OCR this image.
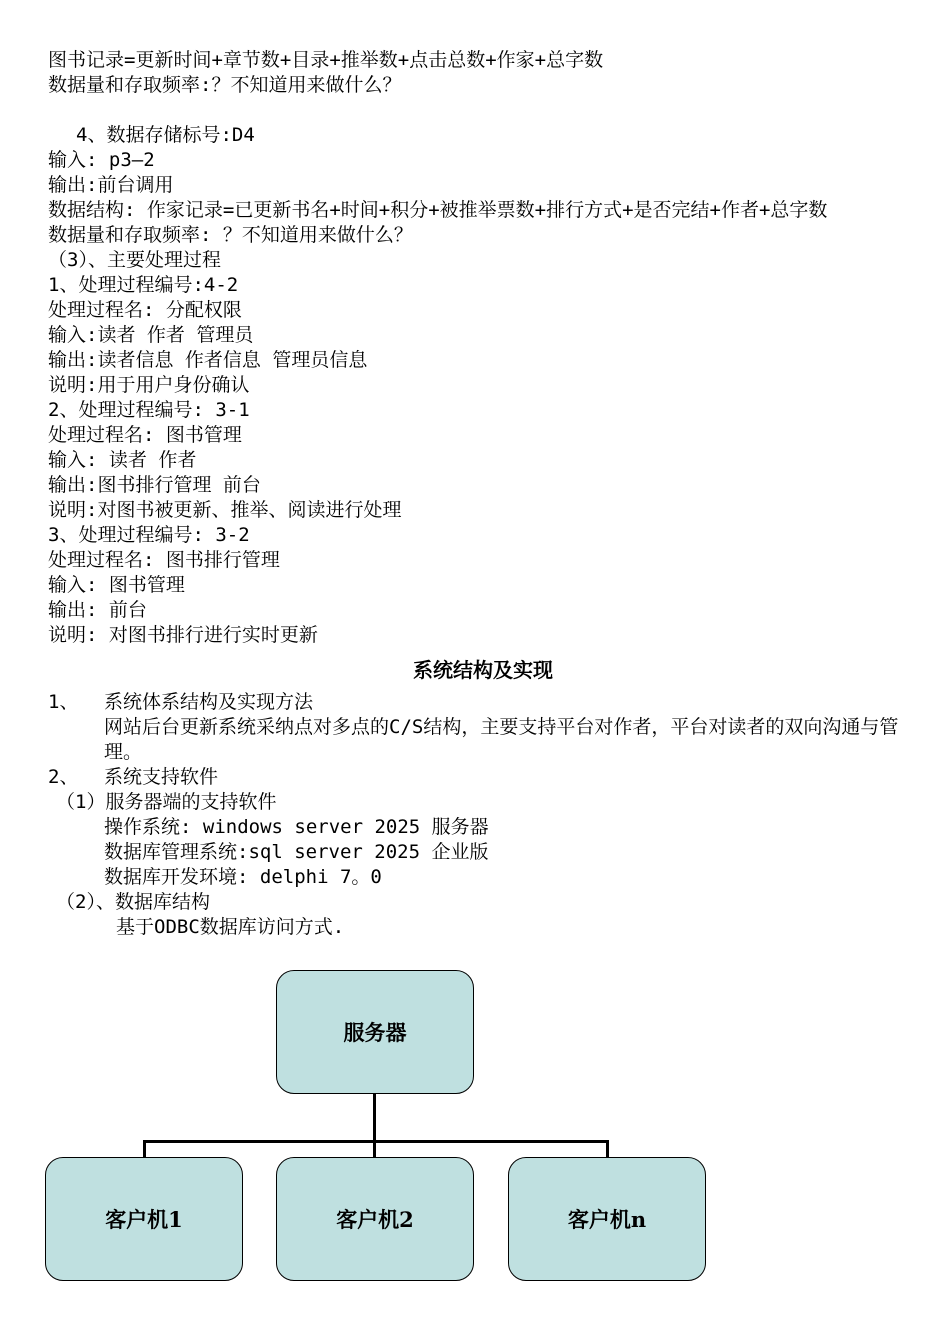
图书记录=更新时间+章节数+目录+推举数+点击总数+作家+总字数
数据量和存取频率:？不知道用来做什么？
4、数据存储标号:D4
输入: p3—2
输出:前台调用
数据结构: 作家记录=已更新书名+时间+积分+被推举票数+排行方式+是否完结+作者+总字数
数据量和存取频率: ？不知道用来做什么？
（3）、主要处理过程
1、处理过程编号:4-2
处理过程名: 分配权限
输入:读者 作者 管理员
输出:读者信息 作者信息 管理员信息
说明:用于用户身份确认
2、处理过程编号: 3-1
处理过程名: 图书管理
输入: 读者 作者
输出:图书排行管理 前台
说明:对图书被更新、推举、阅读进行处理
3、处理过程编号: 3-2
处理过程名: 图书排行管理
输入: 图书管理
输出: 前台
说明: 对图书排行进行实时更新
系统结构及实现
1、	系统体系结构及实现方法
网站后台更新系统采纳点对多点的C/S结构，主要支持平台对作者，平台对读者的双向沟通与管理。
2、	系统支持软件
（1）服务器端的支持软件
操作系统: windows server 2025 服务器
数据库管理系统:sql server 2025 企业版
数据库开发环境: delphi 7。0
（2）、数据库结构
基于ODBC数据库访问方式.
服务器
客户机1	客户机2	客户机n
